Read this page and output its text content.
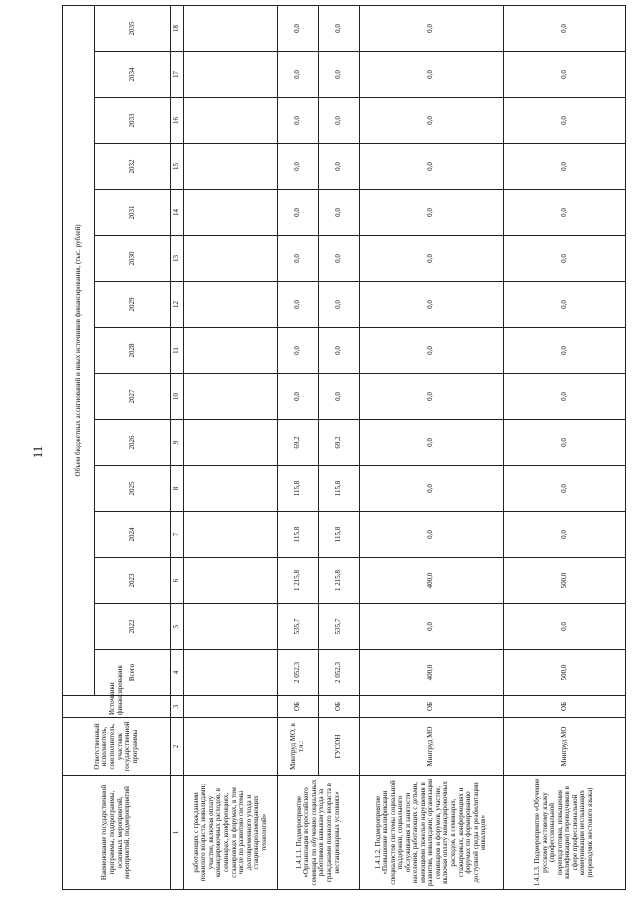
11
Наименование государственной программы, подпрограммы, основных мероприятий, мероприятий, подмероприятий	Ответственный исполнитель, соисполнитель, участник государственной программы	Источники финансирования	Объем бюджетных ассигнований и иных источников финансирования, (тыс. рублей)															
			Всего	2022	2023	2024	2025	2026	2027	2028	2029	2030	2031	2032	2033	2034	2035	
1	2	3	4	5	6	7	8	9	10	11	12	13	14	15	16	17	18	
работающих с гражданами пожилого возраста, инвалидами; участие, включая оплату командировочных расходов, в семинарах, конференциях, стажировках и форумах, в том числе по развитию системы долговременного ухода и стационарозамещающих технологий»																		
1.4.1.1. Подмероприятие «Организация всероссийского семинара по обучению социальных работников навыкам ухода за гражданами пожилого возраста в нестационарных условиях»	Минтруд МО, в т.ч.:	ОБ	2 052,3	535,7	1 215,8	115,8	115,8	69,2	0,0	0,0	0,0	0,0	0,0	0,0	0,0	0,0	0,0	
	ГУСОН	ОБ	2 052,3	535,7	1 215,8	115,8	115,8	69,2	0,0	0,0	0,0	0,0	0,0	0,0	0,0	0,0	0,0	
1.4.1.2. Подмероприятие «Повышение квалификации специалистов системы социальной поддержки, социального обслуживания и занятости населения, работающих с детьми, имеющими тяжелые нарушения в развитии, инвалидами; организация семинаров и форумов, участие, включая оплату командировочных расходов, в семинарах, стажировках, конференциях и форумах по формированию доступной среды и реабилитации инвалидов»	Минтруд МО	ОБ	400,0	0,0	400,0	0,0	0,0	0,0	0,0	0,0	0,0	0,0	0,0	0,0	0,0	0,0	0,0	
1.4.1.3. Подмероприятие «Обучение русскому жестовому языку (профессиональной переподготовки, повышения квалификации) переводчиков в сфере профессиональной коммуникации неслышащих (переводчик жестового языка)	Минтруд МО	ОБ	500,0	0,0	500,0	0,0	0,0	0,0	0,0	0,0	0,0	0,0	0,0	0,0	0,0	0,0	0,0	
